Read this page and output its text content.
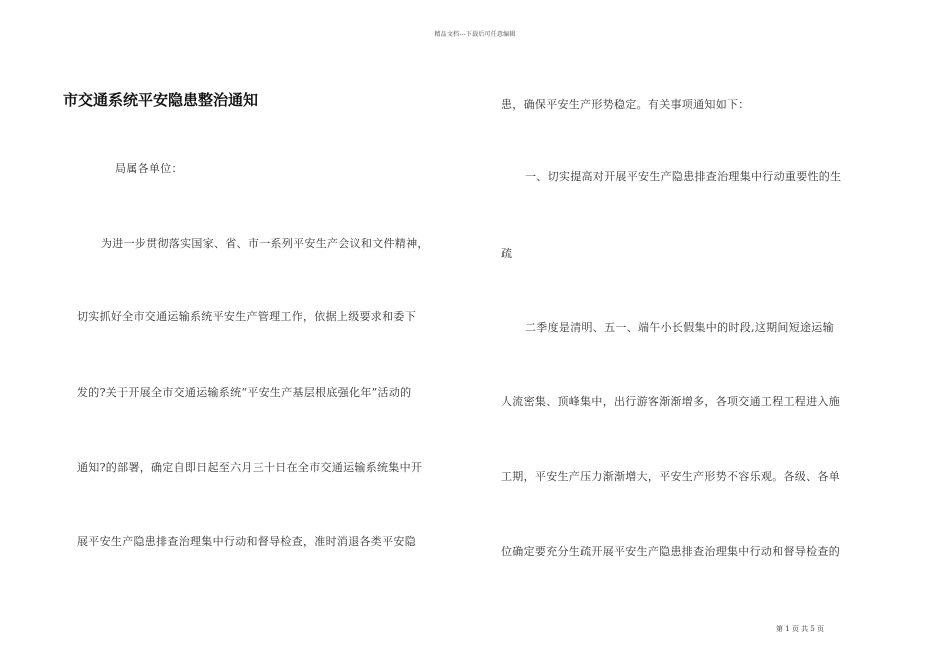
精品文档---下载后可任意编辑
市交通系统平安隐患整治通知
局属各单位：
为进一步贯彻落实国家、省、市一系列平安生产会议和文件精神，
切实抓好全市交通运输系统平安生产管理工作，依据上级要求和委下
发的?关于开展全市交通运输系统“平安生产基层根底强化年”活动的
通知?的部署，确定自即日起至六月三十日在全市交通运输系统集中开
展平安生产隐患排查治理集中行动和督导检查，准时消退各类平安隐
患，确保平安生产形势稳定。有关事项通知如下：
一、切实提高对开展平安生产隐患排查治理集中行动重要性的生
疏
二季度是清明、五一、端午小长假集中的时段,这期间短途运输
人流密集、顶峰集中，出行游客渐渐增多，各项交通工程工程进入施
工期，平安生产压力渐渐增大，平安生产形势不容乐观。各级、各单
位确定要充分生疏开展平安生产隐患排查治理集中行动和督导检查的
第 1 页 共 5 页
